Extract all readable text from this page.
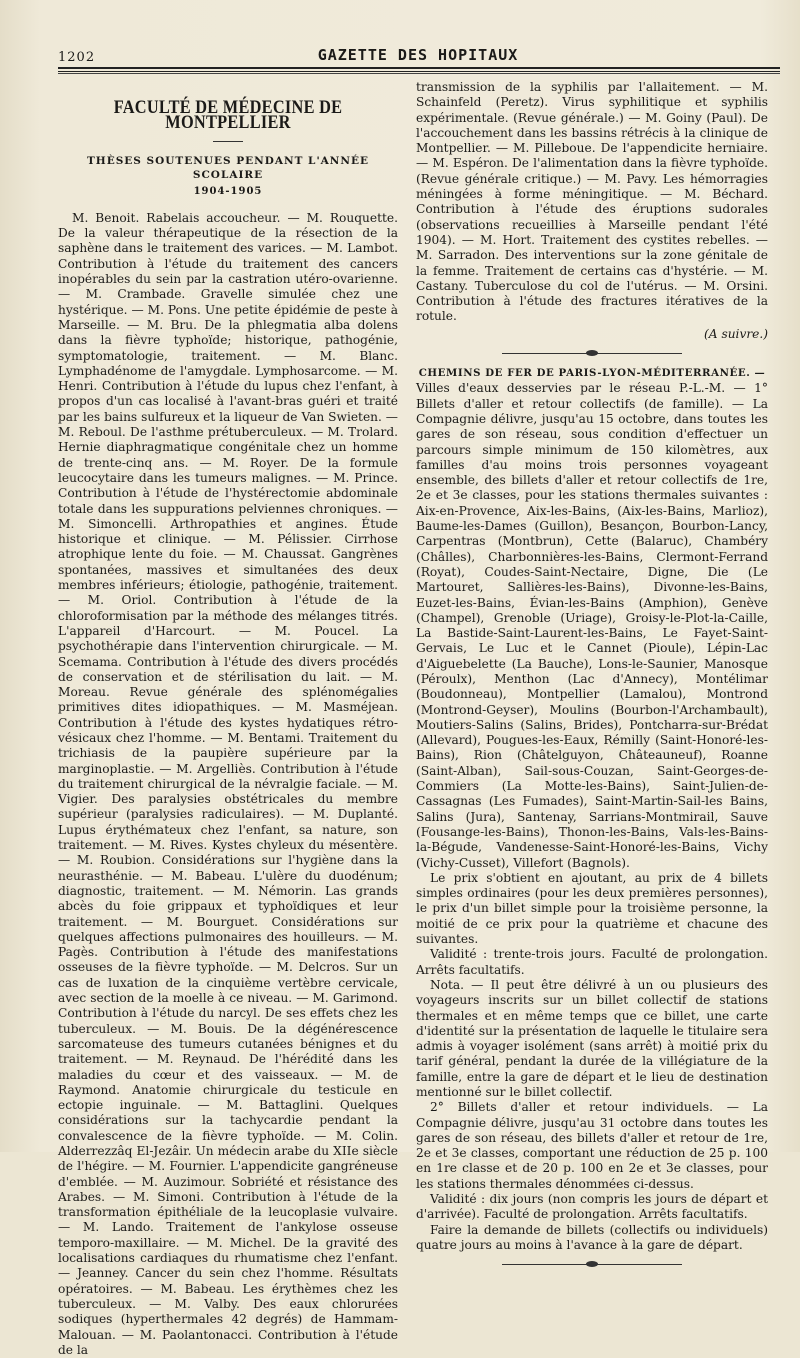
1202	GAZETTE DES HOPITAUX
FACULTÉ DE MÉDECINE DE MONTPELLIER
THÈSES SOUTENUES PENDANT L'ANNÉE SCOLAIRE
1904-1905

M. Benoit. Rabelais accoucheur. — M. Rouquette. De la valeur thérapeutique de la résection de la saphène dans le traitement des varices. — M. Lambot. Contribution à l'étude du traitement des cancers inopérables du sein par la castration utéro-ovarienne. — M. Crambade. Gravelle simulée chez une hystérique. — M. Pons. Une petite épidémie de peste à Marseille. — M. Bru. De la phlegmatia alba dolens dans la fièvre typhoïde; historique, pathogénie, symptomatologie, traitement. — M. Blanc. Lymphadénome de l'amygdale. Lymphosarcome. — M. Henri. Contribution à l'étude du lupus chez l'enfant, à propos d'un cas localisé à l'avant-bras guéri et traité par les bains sulfureux et la liqueur de Van Swieten. — M. Reboul. De l'asthme prétuberculeux. — M. Trolard. Hernie diaphragmatique congénitale chez un homme de trente-cinq ans. — M. Royer. De la formule leucocytaire dans les tumeurs malignes. — M. Prince. Contribution à l'étude de l'hystérectomie abdominale totale dans les suppurations pelviennes chroniques. — M. Simoncelli. Arthropathies et angines. Étude historique et clinique. — M. Pélissier. Cirrhose atrophique lente du foie. — M. Chaussat. Gangrènes spontanées, massives et simultanées des deux membres inférieurs; étiologie, pathogénie, traitement. — M. Oriol. Contribution à l'étude de la chloroformisation par la méthode des mélanges titrés. L'appareil d'Harcourt. — M. Poucel. La psychothérapie dans l'intervention chirurgicale. — M. Scemama. Contribution à l'étude des divers procédés de conservation et de stérilisation du lait. — M. Moreau. Revue générale des splénomégalies primitives dites idiopathiques. — M. Masméjean. Contribution à l'étude des kystes hydatiques rétro-vésicaux chez l'homme. — M. Bentami. Traitement du trichiasis de la paupière supérieure par la marginoplastie. — M. Argelliès. Contribution à l'étude du traitement chirurgical de la névralgie faciale. — M. Vigier. Des paralysies obstétricales du membre supérieur (paralysies radiculaires). — M. Duplanté. Lupus érythémateux chez l'enfant, sa nature, son traitement. — M. Rives. Kystes chyleux du mésentère. — M. Roubion. Considérations sur l'hygiène dans la neurasthénie. — M. Babeau. L'ulère du duodénum; diagnostic, traitement. — M. Némorin. Las grands abcès du foie grippaux et typhoïdiques et leur traitement. — M. Bourguet. Considérations sur quelques affections pulmonaires des houilleurs. — M. Pagès. Contribution à l'étude des manifestations osseuses de la fièvre typhoïde. — M. Delcros. Sur un cas de luxation de la cinquième vertèbre cervicale, avec section de la moelle à ce niveau. — M. Garimond. Contribution à l'étude du narcyl. De ses effets chez les tuberculeux. — M. Bouis. De la dégénérescence sarcomateuse des tumeurs cutanées bénignes et du traitement. — M. Reynaud. De l'hérédité dans les maladies du cœur et des vaisseaux. — M. de Raymond. Anatomie chirurgicale du testicule en ectopie inguinale. — M. Battaglini. Quelques considérations sur la tachycardie pendant la convalescence de la fièvre typhoïde. — M. Colin. Alderrezzâq El-Jezâir. Un médecin arabe du XIIe siècle de l'hégire. — M. Fournier. L'appendicite gangréneuse d'emblée. — M. Auzimour. Sobriété et résistance des Arabes. — M. Simoni. Contribution à l'étude de la transformation épithéliale de la leucoplasie vulvaire. — M. Lando. Traitement de l'ankylose osseuse temporo-maxillaire. — M. Michel. De la gravité des localisations cardiaques du rhumatisme chez l'enfant. — Jeanney. Cancer du sein chez l'homme. Résultats opératoires. — M. Babeau. Les érythèmes chez les tuberculeux. — M. Valby. Des eaux chlorurées sodiques (hyperthermales 42 degrés) de Hammam-Malouan. — M. Paolantonacci. Contribution à l'étude de la

transmission de la syphilis par l'allaitement. — M. Schainfeld (Peretz). Virus syphilitique et syphilis expérimentale. (Revue générale.) — M. Goiny (Paul). De l'accouchement dans les bassins rétrécis à la clinique de Montpellier. — M. Pilleboue. De l'appendicite herniaire. — M. Espéron. De l'alimentation dans la fièvre typhoïde. (Revue générale critique.) — M. Pavy. Les hémorragies méningées à forme méningitique. — M. Béchard. Contribution à l'étude des éruptions sudorales (observations recueillies à Marseille pendant l'été 1904). — M. Hort. Traitement des cystites rebelles. — M. Sarradon. Des interventions sur la zone génitale de la femme. Traitement de certains cas d'hystérie. — M. Castany. Tuberculose du col de l'utérus. — M. Orsini. Contribution à l'étude des fractures itératives de la rotule.

(A suivre.)

CHEMINS DE FER DE PARIS-LYON-MÉDITERRANÉE. —

Villes d'eaux desservies par le réseau P.-L.-M. — 1° Billets d'aller et retour collectifs (de famille). — La Compagnie délivre, jusqu'au 15 octobre, dans toutes les gares de son réseau, sous condition d'effectuer un parcours simple minimum de 150 kilomètres, aux familles d'au moins trois personnes voyageant ensemble, des billets d'aller et retour collectifs de 1re, 2e et 3e classes, pour les stations thermales suivantes : Aix-en-Provence, Aix-les-Bains, (Aix-les-Bains, Marlioz), Baume-les-Dames (Guillon), Besançon, Bourbon-Lancy, Carpentras (Montbrun), Cette (Balaruc), Chambéry (Châlles), Charbonnières-les-Bains, Clermont-Ferrand (Royat), Coudes-Saint-Nectaire, Digne, Die (Le Martouret, Sallières-les-Bains), Divonne-les-Bains, Euzet-les-Bains, Évian-les-Bains (Amphion), Genève (Champel), Grenoble (Uriage), Groisy-le-Plot-la-Caille, La Bastide-Saint-Laurent-les-Bains, Le Fayet-Saint-Gervais, Le Luc et le Cannet (Pioule), Lépin-Lac d'Aiguebelette (La Bauche), Lons-le-Saunier, Manosque (Péroulx), Menthon (Lac d'Annecy), Montélimar (Boudonneau), Montpellier (Lamalou), Montrond (Montrond-Geyser), Moulins (Bourbon-l'Archambault), Moutiers-Salins (Salins, Brides), Pontcharra-sur-Brédat (Allevard), Pougues-les-Eaux, Rémilly (Saint-Honoré-les-Bains), Rion (Châtelguyon, Châteauneuf), Roanne (Saint-Alban), Sail-sous-Couzan, Saint-Georges-de-Commiers (La Motte-les-Bains), Saint-Julien-de-Cassagnas (Les Fumades), Saint-Martin-Sail-les Bains, Salins (Jura), Santenay, Sarrians-Montmirail, Sauve (Fousange-les-Bains), Thonon-les-Bains, Vals-les-Bains-la-Bégude, Vandenesse-Saint-Honoré-les-Bains, Vichy (Vichy-Cusset), Villefort (Bagnols).

Le prix s'obtient en ajoutant, au prix de 4 billets simples ordinaires (pour les deux premières personnes), le prix d'un billet simple pour la troisième personne, la moitié de ce prix pour la quatrième et chacune des suivantes.

Validité : trente-trois jours. Faculté de prolongation. Arrêts facultatifs.

Nota. — Il peut être délivré à un ou plusieurs des voyageurs inscrits sur un billet collectif de stations thermales et en même temps que ce billet, une carte d'identité sur la présentation de laquelle le titulaire sera admis à voyager isolément (sans arrêt) à moitié prix du tarif général, pendant la durée de la villégiature de la famille, entre la gare de départ et le lieu de destination mentionné sur le billet collectif.

2° Billets d'aller et retour individuels. — La Compagnie délivre, jusqu'au 31 octobre dans toutes les gares de son réseau, des billets d'aller et retour de 1re, 2e et 3e classes, comportant une réduction de 25 p. 100 en 1re classe et de 20 p. 100 en 2e et 3e classes, pour les stations thermales dénommées ci-dessus.

Validité : dix jours (non compris les jours de départ et d'arrivée). Faculté de prolongation. Arrêts facultatifs.

Faire la demande de billets (collectifs ou individuels) quatre jours au moins à l'avance à la gare de départ.
